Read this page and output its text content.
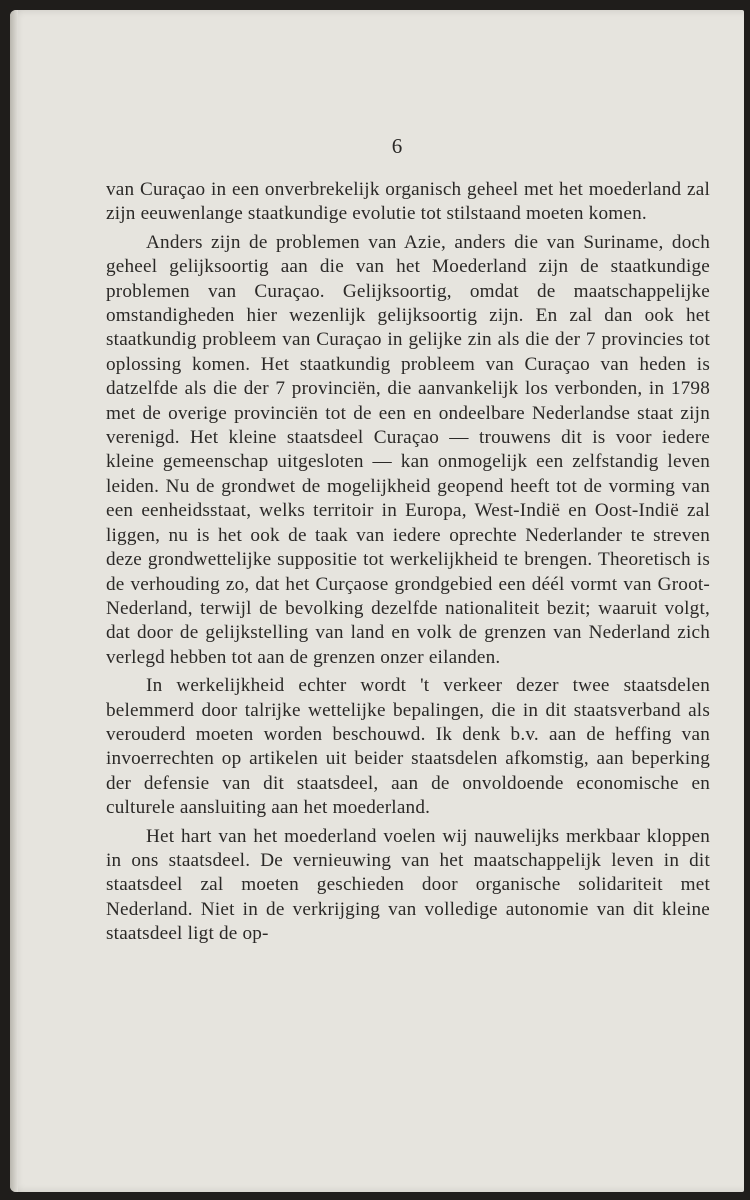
6

van Curaçao in een onverbrekelijk organisch geheel met het moederland zal zijn eeuwenlange staatkundige evolutie tot stilstaand moeten komen.

Anders zijn de problemen van Azie, anders die van Suriname, doch geheel gelijksoortig aan die van het Moederland zijn de staatkundige problemen van Curaçao. Gelijksoortig, omdat de maatschappelijke omstandigheden hier wezenlijk gelijksoortig zijn. En zal dan ook het staatkundig probleem van Curaçao in gelijke zin als die der 7 provincies tot oplossing komen. Het staatkundig probleem van Curaçao van heden is datzelfde als die der 7 provinciën, die aanvankelijk los verbonden, in 1798 met de overige provinciën tot de een en ondeelbare Nederlandse staat zijn verenigd. Het kleine staatsdeel Curaçao — trouwens dit is voor iedere kleine gemeenschap uitgesloten — kan onmogelijk een zelfstandig leven leiden. Nu de grondwet de mogelijkheid geopend heeft tot de vorming van een eenheidsstaat, welks territoir in Europa, West-Indië en Oost-Indië zal liggen, nu is het ook de taak van iedere oprechte Nederlander te streven deze grondwettelijke suppositie tot werkelijkheid te brengen. Theoretisch is de verhouding zo, dat het Curçaose grondgebied een déél vormt van Groot-Nederland, terwijl de bevolking dezelfde nationaliteit bezit; waaruit volgt, dat door de gelijkstelling van land en volk de grenzen van Nederland zich verlegd hebben tot aan de grenzen onzer eilanden.

In werkelijkheid echter wordt 't verkeer dezer twee staatsdelen belemmerd door talrijke wettelijke bepalingen, die in dit staatsverband als verouderd moeten worden beschouwd. Ik denk b.v. aan de heffing van invoerrechten op artikelen uit beider staatsdelen afkomstig, aan beperking der defensie van dit staatsdeel, aan de onvoldoende economische en culturele aansluiting aan het moederland.

Het hart van het moederland voelen wij nauwelijks merkbaar kloppen in ons staatsdeel. De vernieuwing van het maatschappelijk leven in dit staatsdeel zal moeten geschieden door organische solidariteit met Nederland. Niet in de verkrijging van volledige autonomie van dit kleine staatsdeel ligt de op-
